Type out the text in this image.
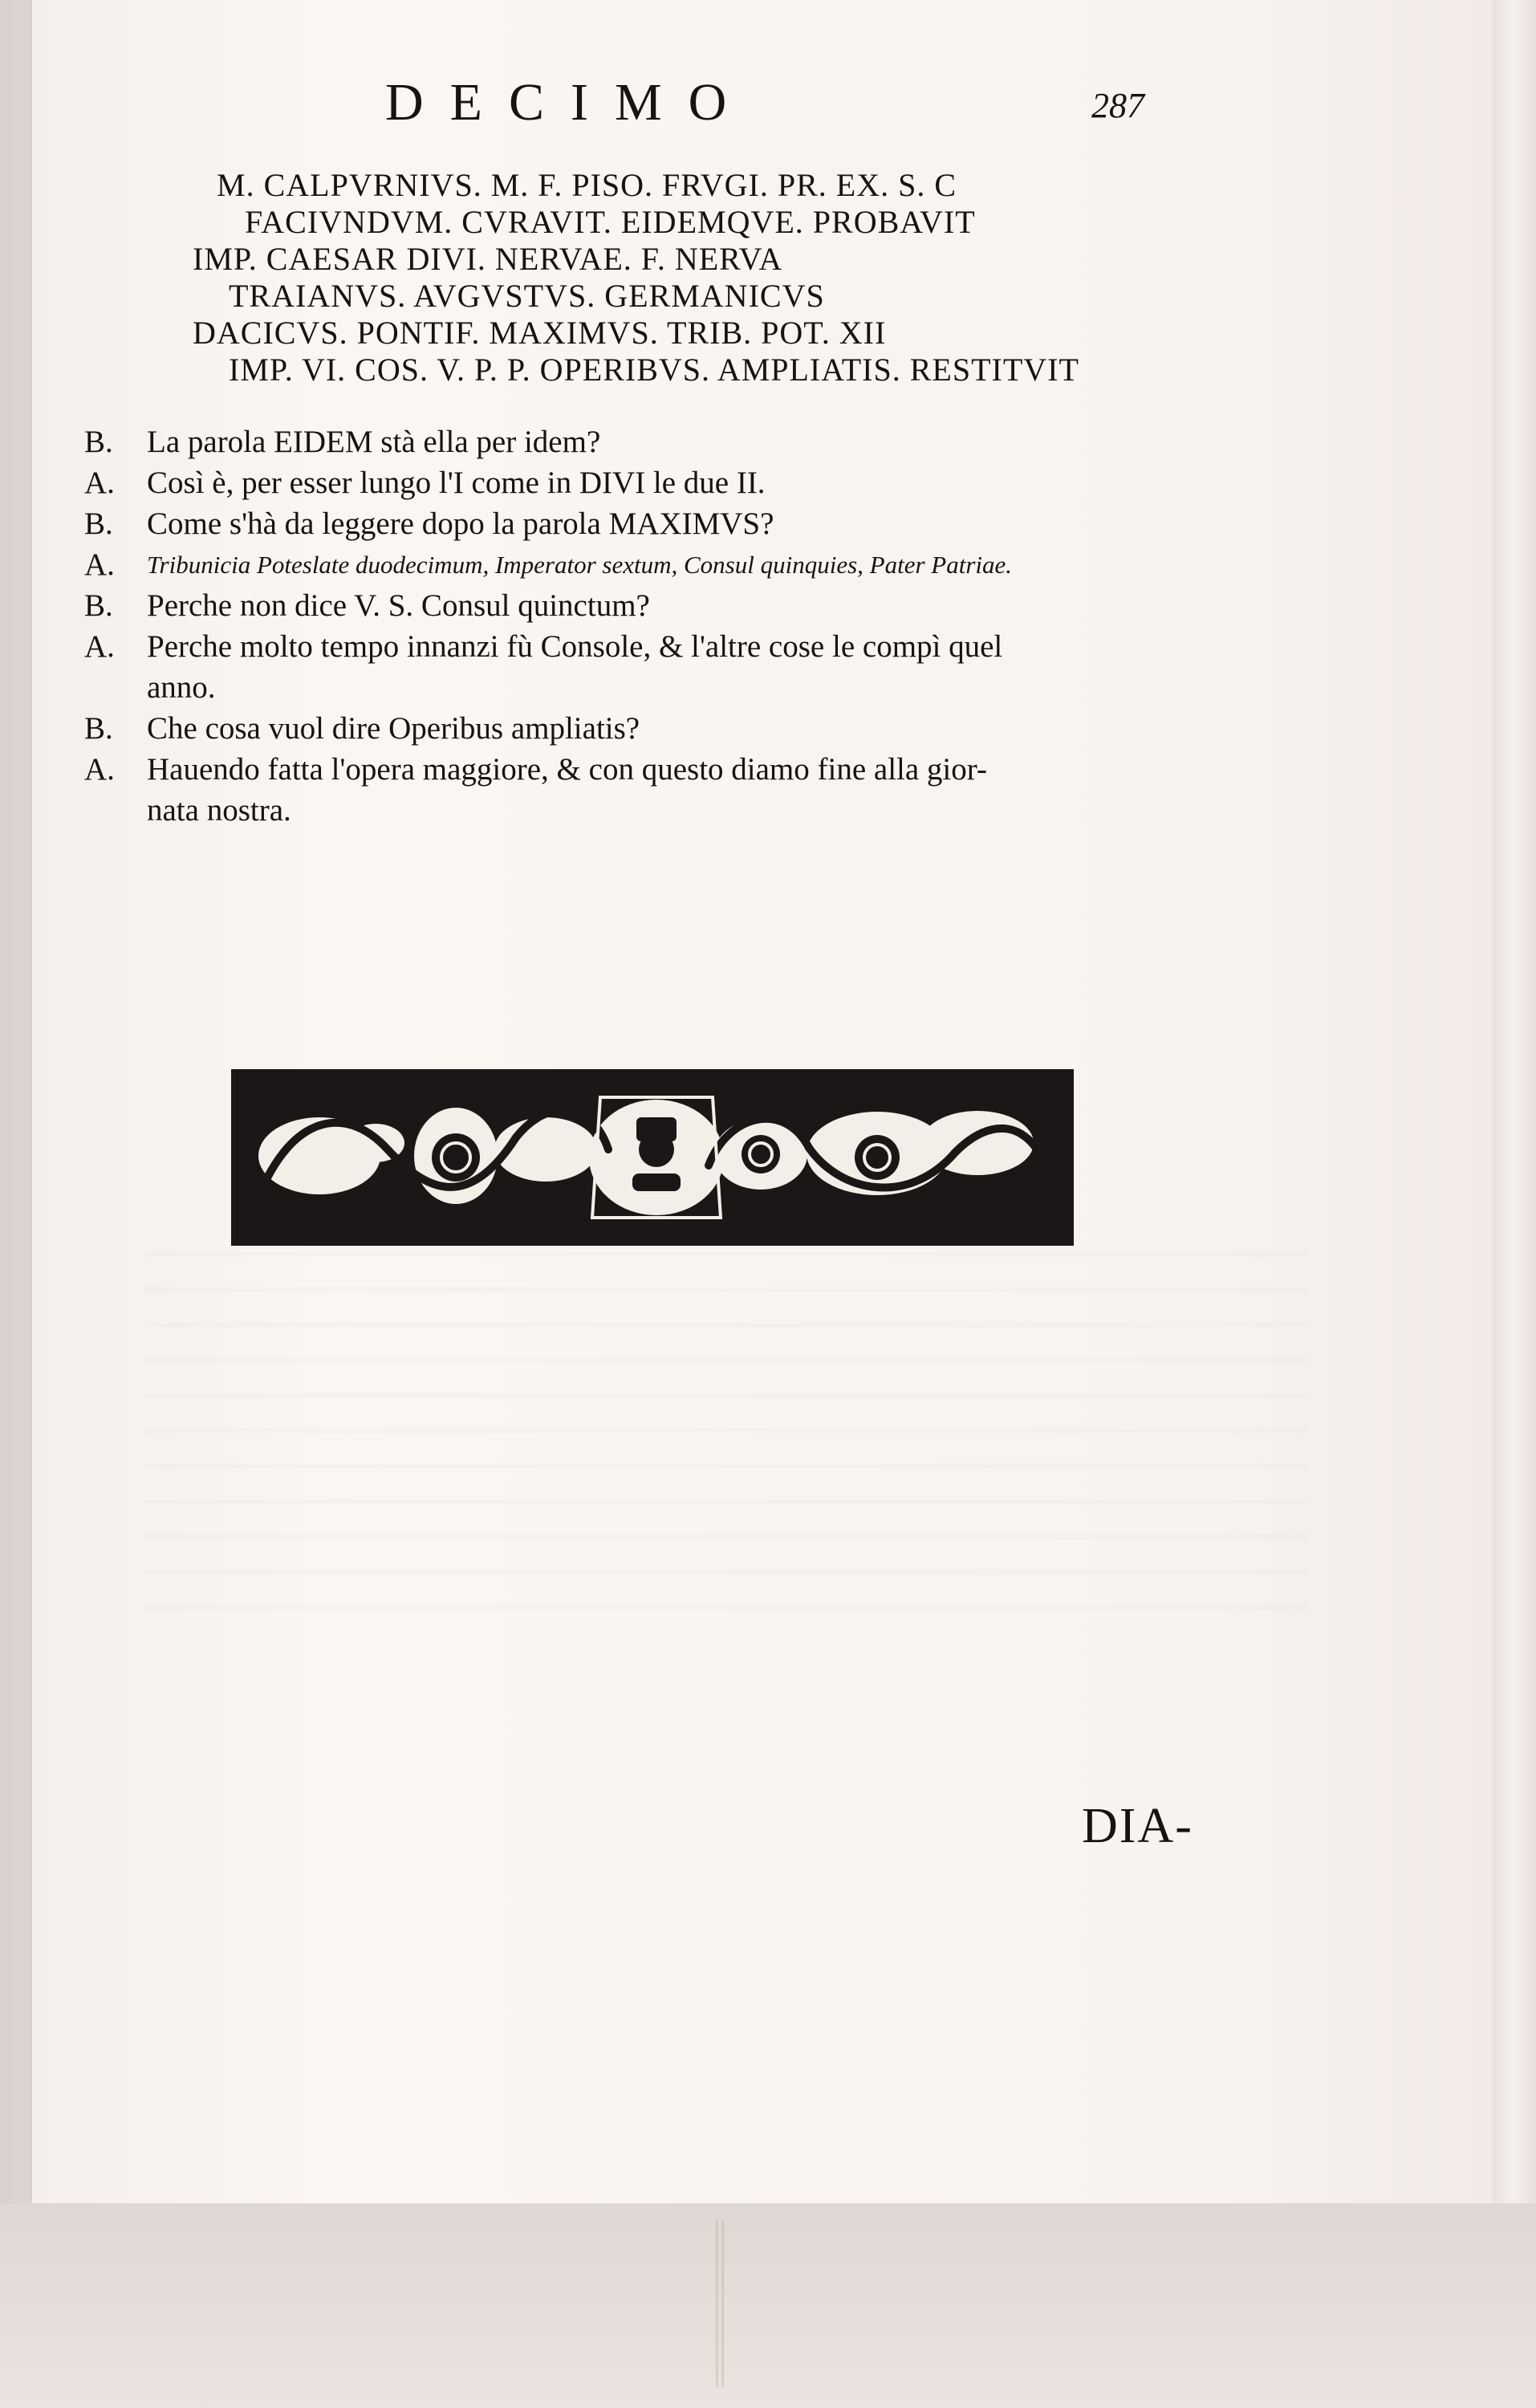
DECIMO	287
M. CALPVRNIVS. M. F. PISO. FRVGI. PR. EX. S. C
FACIVNDVM. CVRAVIT. EIDEMQVE. PROBAVIT
IMP. CAESAR DIVI. NERVAE. F. NERVA
TRAIANVS. AVGVSTVS. GERMANICVS
DACICVS. PONTIF. MAXIMVS. TRIB. POT. XII
IMP. VI. COS. V. P. P. OPERIBVS. AMPLIATIS. RESTITVIT
B.	La parola EIDEM stà ella per idem?
A.	Così è, per esser lungo l'I come in DIVI le due II.
B.	Come s'hà da leggere dopo la parola MAXIMVS?
A.	Tribunicia Poteslate duodecimum, Imperator sextum, Consul quinquies, Pater Patriae.
B.	Perche non dice V. S. Consul quinctum?
A.	Perche molto tempo innanzi fù Console, & l'altre cose le compì quel
anno.
B.	Che cosa vuol dire Operibus ampliatis?
A.	Hauendo fatta l'opera maggiore, & con questo diamo fine alla gior-
nata nostra.
DIA-
